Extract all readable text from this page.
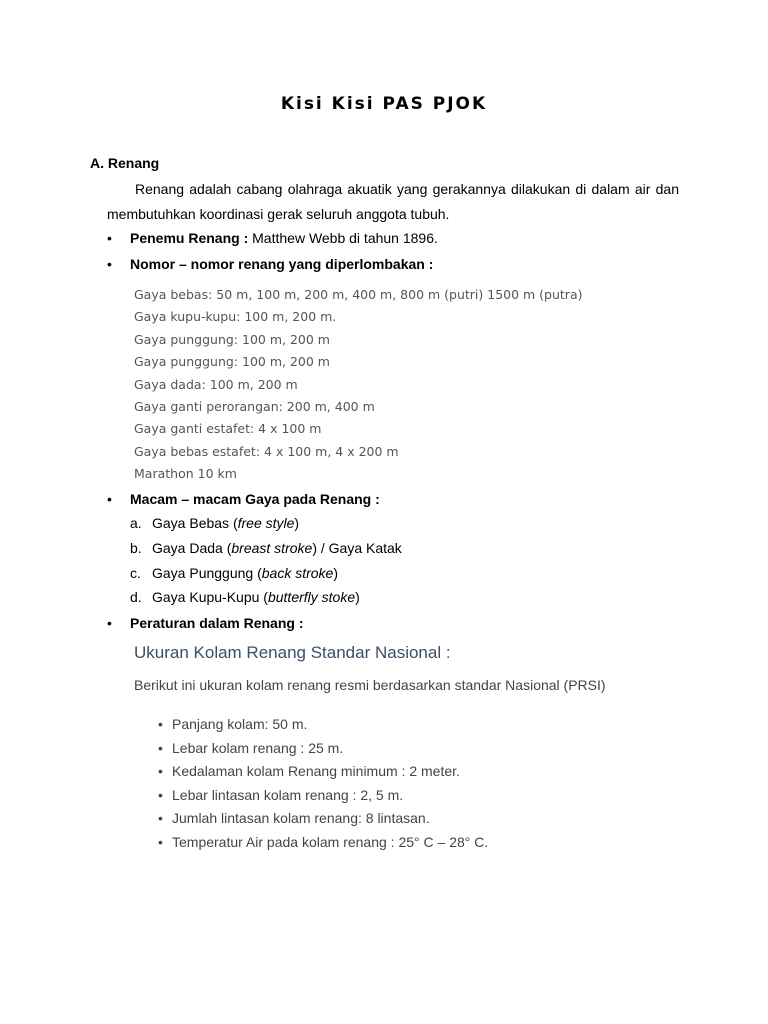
Kisi Kisi PAS PJOK
A. Renang
Renang adalah cabang olahraga akuatik yang gerakannya dilakukan di dalam air dan membutuhkan koordinasi gerak seluruh anggota tubuh.
• Penemu Renang : Matthew Webb di tahun 1896.
• Nomor – nomor renang yang diperlombakan :
Gaya bebas: 50 m, 100 m, 200 m, 400 m, 800 m (putri) 1500 m (putra)
Gaya kupu-kupu: 100 m, 200 m.
Gaya punggung: 100 m, 200 m
Gaya punggung: 100 m, 200 m
Gaya dada: 100 m, 200 m
Gaya ganti perorangan: 200 m, 400 m
Gaya ganti estafet: 4 x 100 m
Gaya bebas estafet: 4 x 100 m, 4 x 200 m
Marathon 10 km
• Macam – macam Gaya pada Renang :
a. Gaya Bebas (free style)
b. Gaya Dada (breast stroke) / Gaya Katak
c. Gaya Punggung (back stroke)
d. Gaya Kupu-Kupu (butterfly stoke)
• Peraturan dalam Renang :
Ukuran Kolam Renang Standar Nasional :
Berikut ini ukuran kolam renang resmi berdasarkan standar Nasional (PRSI)
• Panjang kolam: 50 m.
• Lebar kolam renang : 25 m.
• Kedalaman kolam Renang minimum : 2 meter.
• Lebar lintasan kolam renang : 2, 5 m.
• Jumlah lintasan kolam renang: 8 lintasan.
• Temperatur Air pada kolam renang : 25° C – 28° C.
